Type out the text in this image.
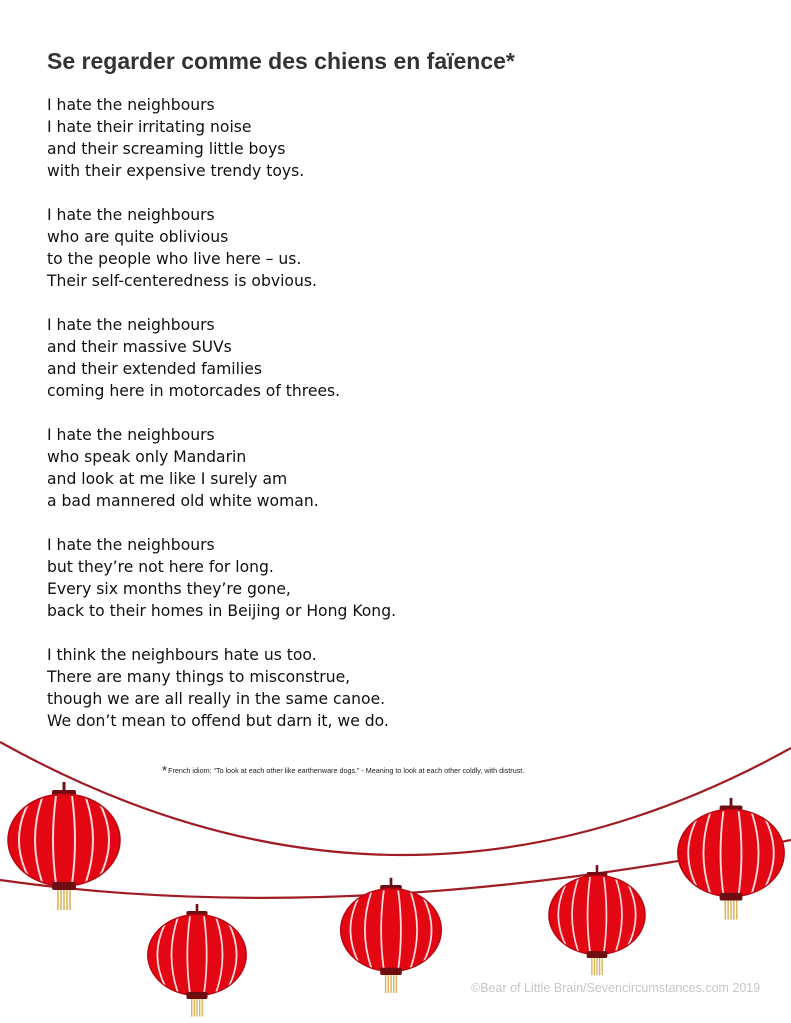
Se regarder comme des chiens en faïence*
I hate the neighbours
I hate their irritating noise
and their screaming little boys
with their expensive trendy toys.
I hate the neighbours
who are quite oblivious
to the people who live here – us.
Their self-centeredness is obvious.
I hate the neighbours
and their massive SUVs
and their extended families
coming here in motorcades of threes.
I hate the neighbours
who speak only Mandarin
and look at me like I surely am
a bad mannered old white woman.
I hate the neighbours
but they’re not here for long.
Every six months they’re gone,
back to their homes in Beijing or Hong Kong.
I think the neighbours hate us too.
There are many things to misconstrue,
though we are all really in the same canoe.
We don’t mean to offend but darn it, we do.
*French idiom: “To look at each other like earthenware dogs.” - Meaning to look at each other coldly, with distrust.
©Bear of Little Brain/Sevencircumstances.com 2019
